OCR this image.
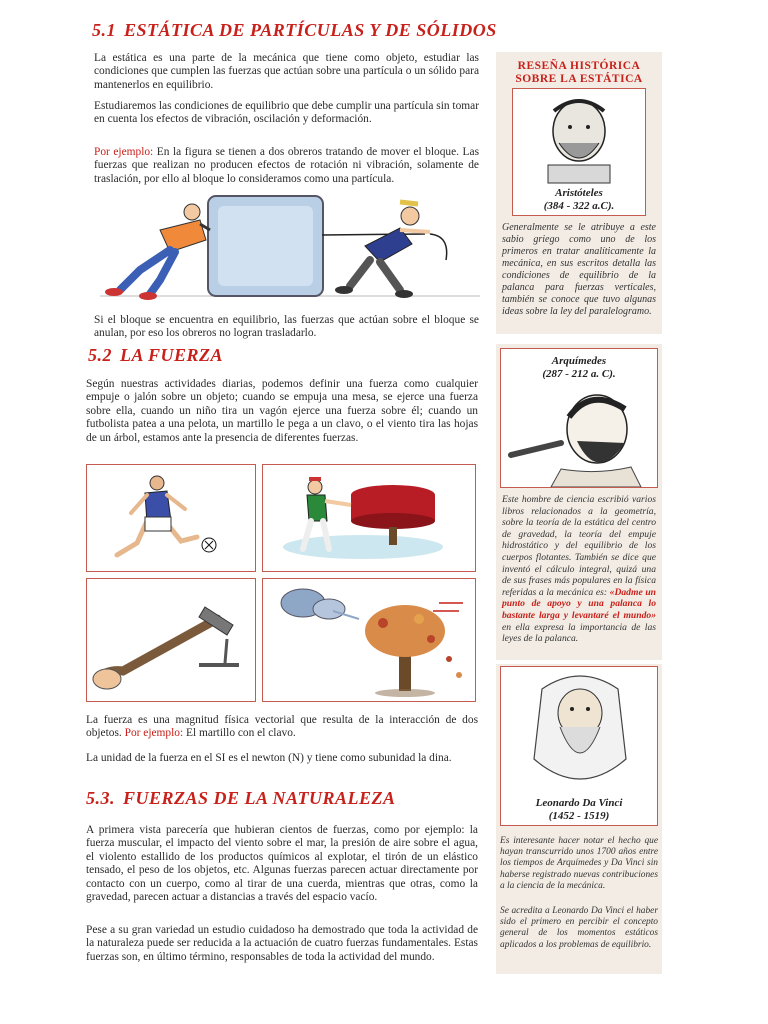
5.1 ESTÁTICA DE PARTÍCULAS Y DE SÓLIDOS

La estática es una parte de la mecánica que tiene como objeto, estudiar las condiciones que cumplen las fuerzas que actúan sobre una partícula o un sólido para mantenerlos en equilibrio.

Estudiaremos las condiciones de equilibrio que debe cumplir una partícula sin tomar en cuenta los efectos de vibración, oscilación y deformación.

Por ejemplo: En la figura se tienen a dos obreros tratando de mover el bloque. Las fuerzas que realizan no producen efectos de rotación ni vibración, solamente de traslación, por ello al bloque lo consideramos como una partícula.

Si el bloque se encuentra en equilibrio, las fuerzas que actúan sobre el bloque se anulan, por eso los obreros no logran trasladarlo.

5.2 LA FUERZA

Según nuestras actividades diarias, podemos definir una fuerza como cualquier empuje o jalón sobre un objeto; cuando se empuja una mesa, se ejerce una fuerza sobre ella, cuando un niño tira un vagón ejerce una fuerza sobre él; cuando un futbolista patea a una pelota, un martillo le pega a un clavo, o el viento tira las hojas de un árbol, estamos ante la presencia de diferentes fuerzas.

La fuerza es una magnitud física vectorial que resulta de la interacción de dos objetos. Por ejemplo: El martillo con el clavo.

La unidad de la fuerza en el SI es el newton (N) y tiene como subunidad la dina.

5.3. FUERZAS DE LA NATURALEZA

A primera vista parecería que hubieran cientos de fuerzas, como por ejemplo: la fuerza muscular, el impacto del viento sobre el mar, la presión de aire sobre el agua, el violento estallido de los productos químicos al explotar, el tirón de un elástico tensado, el peso de los objetos, etc. Algunas fuerzas parecen actuar directamente por contacto con un cuerpo, como al tirar de una cuerda, mientras que otras, como la gravedad, parecen actuar a distancias a través del espacio vacío.

Pese a su gran variedad un estudio cuidadoso ha demostrado que toda la actividad de la naturaleza puede ser reducida a la actuación de cuatro fuerzas fundamentales. Estas fuerzas son, en último término, responsables de toda la actividad del mundo.

RESEÑA HISTÓRICA
SOBRE LA ESTÁTICA
Aristóteles
(384 - 322 a.C).

Generalmente se le atribuye a este sabio griego como uno de los primeros en tratar analíticamente la mecánica, en sus escritos detalla las condiciones de equilibrio de la palanca para fuerzas verticales, también se conoce que tuvo algunas ideas sobre la ley del paralelogramo.

Arquímedes
(287 - 212 a. C).

Este hombre de ciencia escribió varios libros relacionados a la geometría, sobre la teoría de la estática del centro de gravedad, la teoría del empuje hidrostático y del equilibrio de los cuerpos flotantes. También se dice que inventó el cálculo integral, quizá una de sus frases más populares en la física referidas a la mecánica es: «Dadme un punto de apoyo y una palanca lo bastante larga y levantaré el mundo» en ella expresa la importancia de las leyes de la palanca.

Leonardo Da Vinci
(1452 - 1519)

Es interesante hacer notar el hecho que hayan transcurrido unos 1700 años entre los tiempos de Arquímedes y Da Vinci sin haberse registrado nuevas contribuciones a la ciencia de la mecánica.

Se acredita a Leonardo Da Vinci el haber sido el primero en percibir el concepto general de los momentos estáticos aplicados a los problemas de equilibrio.
